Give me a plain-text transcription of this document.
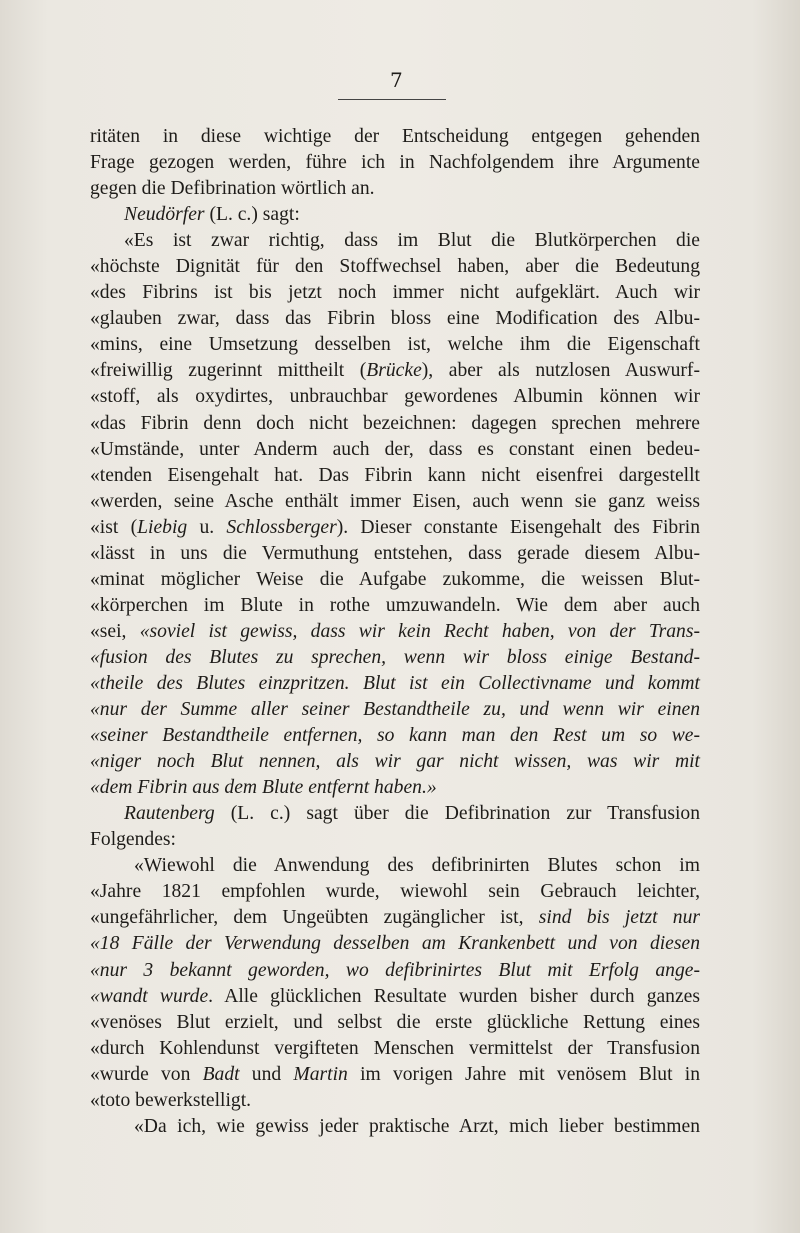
7
ritäten in diese wichtige der Entscheidung entgegen gehenden
Frage gezogen werden, führe ich in Nachfolgendem ihre Argumente
gegen die Defibrination wörtlich an.
Neudörfer (L. c.) sagt:
«Es ist zwar richtig, dass im Blut die Blutkörperchen die
«höchste Dignität für den Stoffwechsel haben, aber die Bedeutung
«des Fibrins ist bis jetzt noch immer nicht aufgeklärt. Auch wir
«glauben zwar, dass das Fibrin bloss eine Modification des Albu-
«mins, eine Umsetzung desselben ist, welche ihm die Eigenschaft
«freiwillig zugerinnt mittheilt (Brücke), aber als nutzlosen Auswurf-
«stoff, als oxydirtes, unbrauchbar gewordenes Albumin können wir
«das Fibrin denn doch nicht bezeichnen: dagegen sprechen mehrere
«Umstände, unter Anderm auch der, dass es constant einen bedeu-
«tenden Eisengehalt hat. Das Fibrin kann nicht eisenfrei dargestellt
«werden, seine Asche enthält immer Eisen, auch wenn sie ganz weiss
«ist (Liebig u. Schlossberger). Dieser constante Eisengehalt des Fibrin
«lässt in uns die Vermuthung entstehen, dass gerade diesem Albu-
«minat möglicher Weise die Aufgabe zukomme, die weissen Blut-
«körperchen im Blute in rothe umzuwandeln. Wie dem aber auch
«sei, «soviel ist gewiss, dass wir kein Recht haben, von der Trans-
«fusion des Blutes zu sprechen, wenn wir bloss einige Bestand-
«theile des Blutes einzpritzen. Blut ist ein Collectivname und kommt
«nur der Summe aller seiner Bestandtheile zu, und wenn wir einen
«seiner Bestandtheile entfernen, so kann man den Rest um so we-
«niger noch Blut nennen, als wir gar nicht wissen, was wir mit
«dem Fibrin aus dem Blute entfernt haben.»
Rautenberg (L. c.) sagt über die Defibrination zur Transfusion
Folgendes:
«Wiewohl die Anwendung des defibrinirten Blutes schon im
«Jahre 1821 empfohlen wurde, wiewohl sein Gebrauch leichter,
«ungefährlicher, dem Ungeübten zugänglicher ist, sind bis jetzt nur
«18 Fälle der Verwendung desselben am Krankenbett und von diesen
«nur 3 bekannt geworden, wo defibrinirtes Blut mit Erfolg ange-
«wandt wurde. Alle glücklichen Resultate wurden bisher durch ganzes
«venöses Blut erzielt, und selbst die erste glückliche Rettung eines
«durch Kohlendunst vergifteten Menschen vermittelst der Transfusion
«wurde von Badt und Martin im vorigen Jahre mit venösem Blut in
«toto bewerkstelligt.
«Da ich, wie gewiss jeder praktische Arzt, mich lieber bestimmen
